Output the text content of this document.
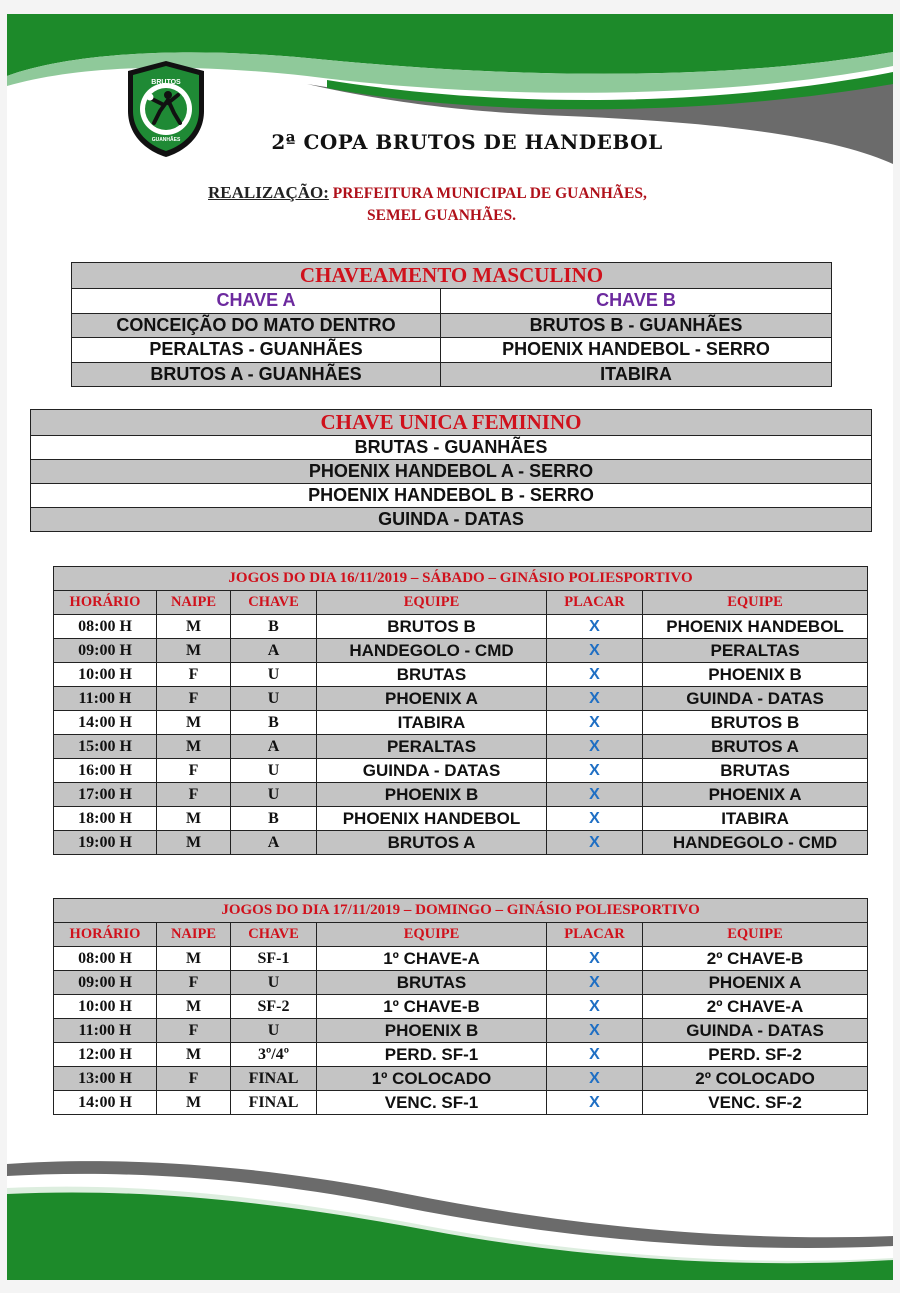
BRUTOS
GUANHÃES	2ª COPA BRUTOS DE HANDEBOL
REALIZAÇÃO: PREFEITURA MUNICIPAL DE GUANHÃES,
SEMEL GUANHÃES.
CHAVEAMENTO MASCULINO	
CHAVE A	CHAVE B
CONCEIÇÃO DO MATO DENTRO	BRUTOS B - GUANHÃES
PERALTAS - GUANHÃES	PHOENIX HANDEBOL - SERRO
BRUTOS A - GUANHÃES	ITABIRA
CHAVE UNICA FEMININO
BRUTAS - GUANHÃES
PHOENIX HANDEBOL A - SERRO
PHOENIX HANDEBOL B - SERRO
GUINDA - DATAS
JOGOS DO DIA 16/11/2019 – SÁBADO – GINÁSIO POLIESPORTIVO					
HORÁRIO	NAIPE	CHAVE	EQUIPE	PLACAR	EQUIPE
08:00 H	M	B	BRUTOS B	X	PHOENIX HANDEBOL
09:00 H	M	A	HANDEGOLO - CMD	X	PERALTAS
10:00 H	F	U	BRUTAS	X	PHOENIX B
11:00 H	F	U	PHOENIX A	X	GUINDA - DATAS
14:00 H	M	B	ITABIRA	X	BRUTOS B
15:00 H	M	A	PERALTAS	X	BRUTOS A
16:00 H	F	U	GUINDA - DATAS	X	BRUTAS
17:00 H	F	U	PHOENIX B	X	PHOENIX A
18:00 H	M	B	PHOENIX HANDEBOL	X	ITABIRA
19:00 H	M	A	BRUTOS A	X	HANDEGOLO - CMD
JOGOS DO DIA 17/11/2019 – DOMINGO – GINÁSIO POLIESPORTIVO					
HORÁRIO	NAIPE	CHAVE	EQUIPE	PLACAR	EQUIPE
08:00 H	M	SF-1	1º CHAVE-A	X	2º CHAVE-B
09:00 H	F	U	BRUTAS	X	PHOENIX A
10:00 H	M	SF-2	1º CHAVE-B	X	2º CHAVE-A
11:00 H	F	U	PHOENIX B	X	GUINDA - DATAS
12:00 H	M	3º/4º	PERD. SF-1	X	PERD. SF-2
13:00 H	F	FINAL	1º COLOCADO	X	2º COLOCADO
14:00 H	M	FINAL	VENC. SF-1	X	VENC. SF-2
